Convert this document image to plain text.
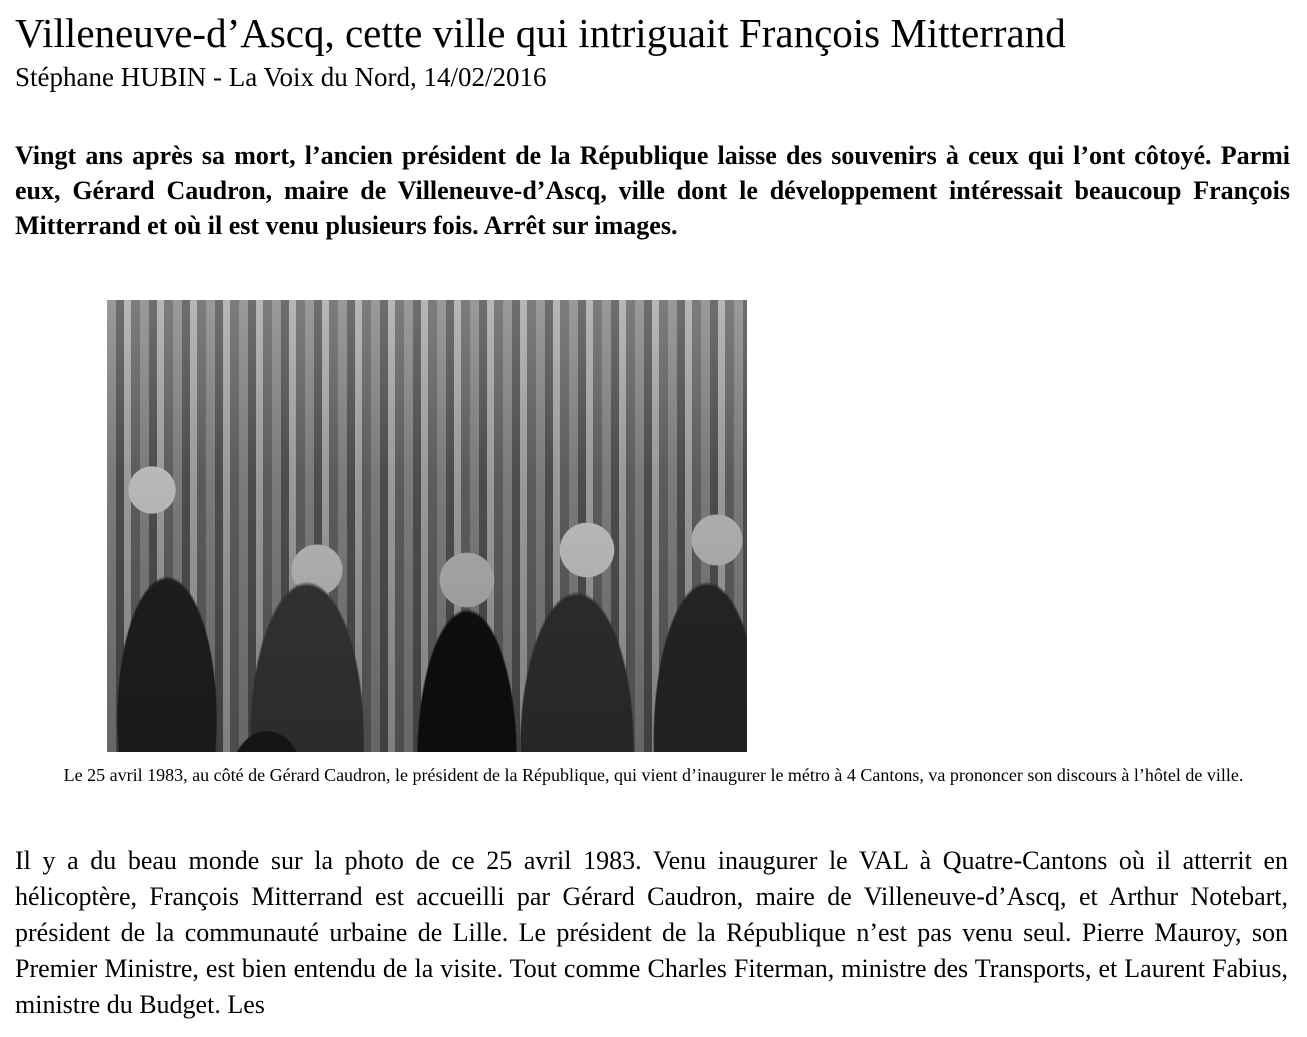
Villeneuve-d’Ascq, cette ville qui intriguait François Mitterrand
Stéphane HUBIN - La Voix du Nord, 14/02/2016
Vingt ans après sa mort, l’ancien président de la République laisse des souvenirs à ceux qui l’ont côtoyé. Parmi eux, Gérard Caudron, maire de Villeneuve-d’Ascq, ville dont le développement intéressait beaucoup François Mitterrand et où il est venu plusieurs fois. Arrêt sur images.
Le 25 avril 1983, au côté de Gérard Caudron, le président de la République, qui vient d’inaugurer le métro à 4 Cantons, va prononcer son discours à l’hôtel de ville.
Il y a du beau monde sur la photo de ce 25 avril 1983. Venu inaugurer le VAL à Quatre-Cantons où il atterrit en hélicoptère, François Mitterrand est accueilli par Gérard Caudron, maire de Villeneuve-d’Ascq, et Arthur Notebart, président de la communauté urbaine de Lille. Le président de la République n’est pas venu seul. Pierre Mauroy, son Premier Ministre, est bien entendu de la visite. Tout comme Charles Fiterman, ministre des Transports, et Laurent Fabius, ministre du Budget. Les
